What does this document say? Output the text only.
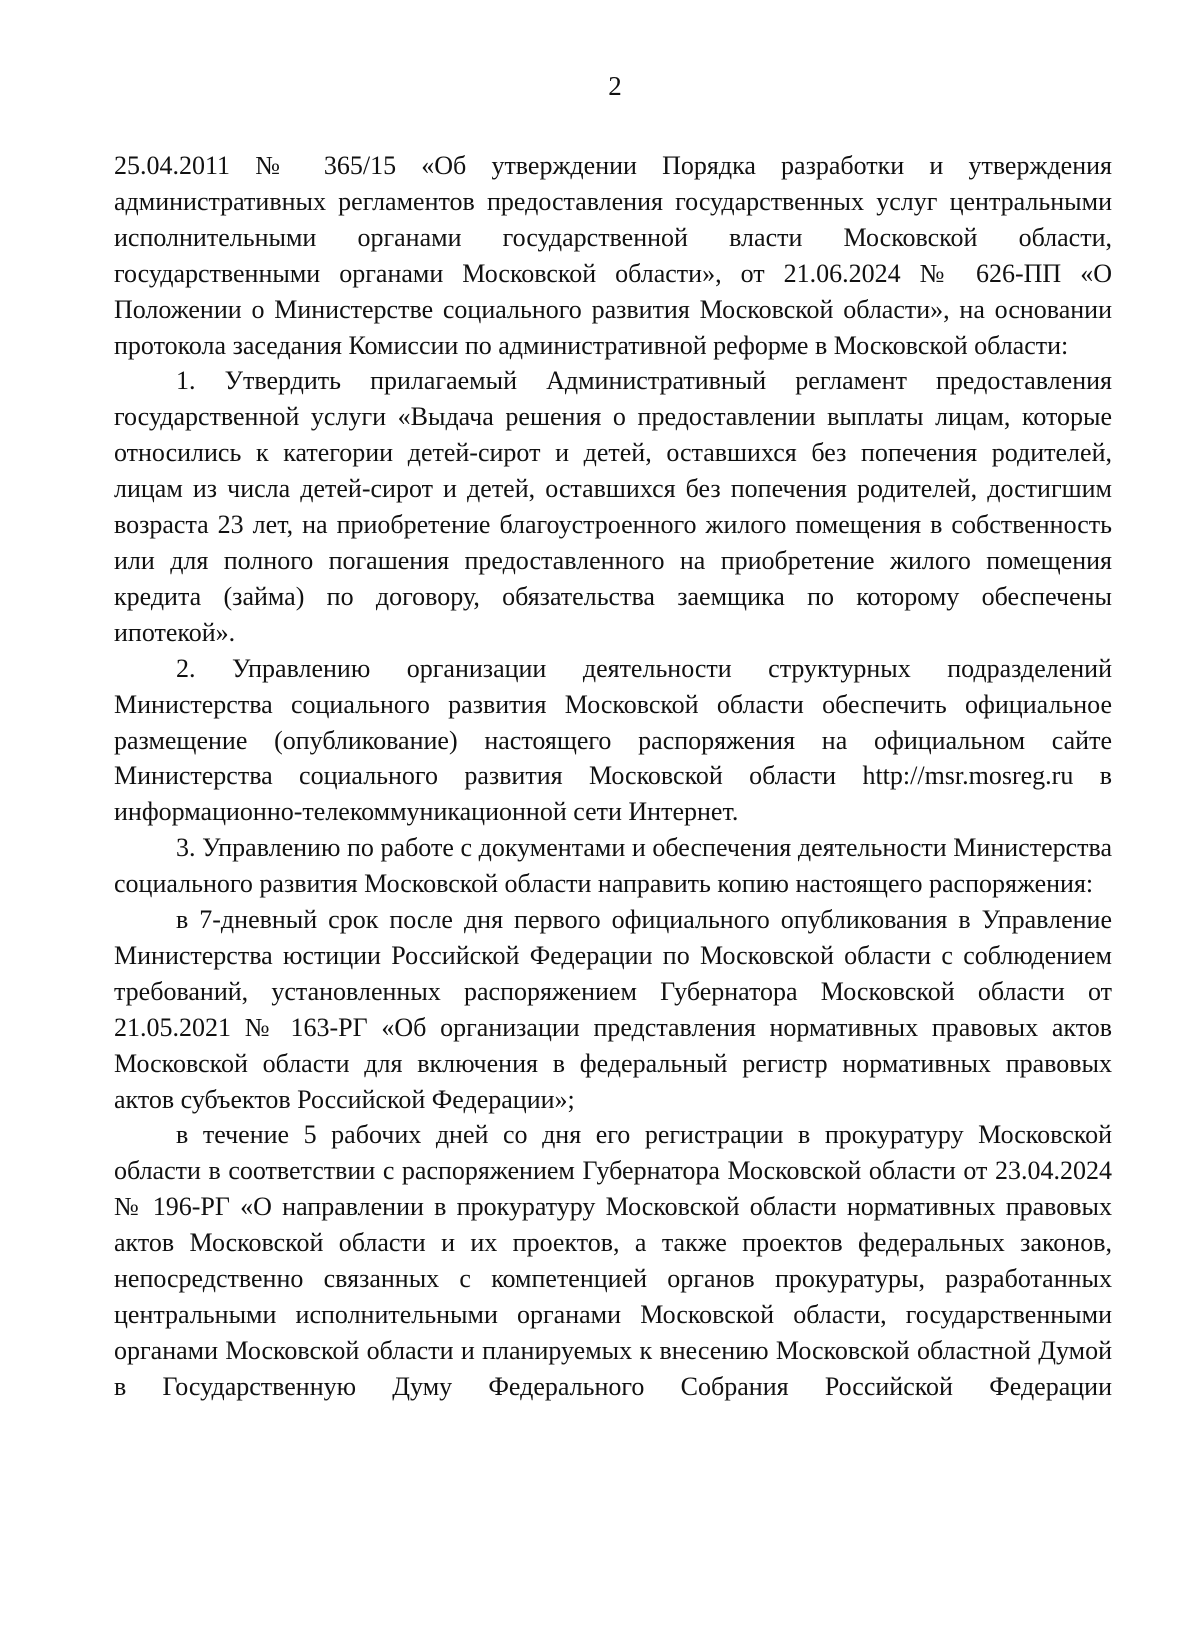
2

25.04.2011 № 365/15 «Об утверждении Порядка разработки и утверждения административных регламентов предоставления государственных услуг центральными исполнительными органами государственной власти Московской области, государственными органами Московской области», от 21.06.2024 № 626-ПП «О Положении о Министерстве социального развития Московской области», на основании протокола заседания Комиссии по административной реформе в Московской области:

1. Утвердить прилагаемый Административный регламент предоставления государственной услуги «Выдача решения о предоставлении выплаты лицам, которые относились к категории детей-сирот и детей, оставшихся без попечения родителей, лицам из числа детей-сирот и детей, оставшихся без попечения родителей, достигшим возраста 23 лет, на приобретение благоустроенного жилого помещения в собственность или для полного погашения предоставленного на приобретение жилого помещения кредита (займа) по договору, обязательства заемщика по которому обеспечены ипотекой».

2. Управлению организации деятельности структурных подразделений Министерства социального развития Московской области обеспечить официальное размещение (опубликование) настоящего распоряжения на официальном сайте Министерства социального развития Московской области http://msr.mosreg.ru в информационно-телекоммуникационной сети Интернет.

3. Управлению по работе с документами и обеспечения деятельности Министерства социального развития Московской области направить копию настоящего распоряжения:

в 7-дневный срок после дня первого официального опубликования в Управление Министерства юстиции Российской Федерации по Московской области с соблюдением требований, установленных распоряжением Губернатора Московской области от 21.05.2021 № 163-РГ «Об организации представления нормативных правовых актов Московской области для включения в федеральный регистр нормативных правовых актов субъектов Российской Федерации»;

в течение 5 рабочих дней со дня его регистрации в прокуратуру Московской области в соответствии с распоряжением Губернатора Московской области от 23.04.2024 № 196-РГ «О направлении в прокуратуру Московской области нормативных правовых актов Московской области и их проектов, а также проектов федеральных законов, непосредственно связанных с компетенцией органов прокуратуры, разработанных центральными исполнительными органами Московской области, государственными органами Московской области и планируемых к внесению Московской областной Думой в Государственную Думу Федерального Собрания Российской Федерации
